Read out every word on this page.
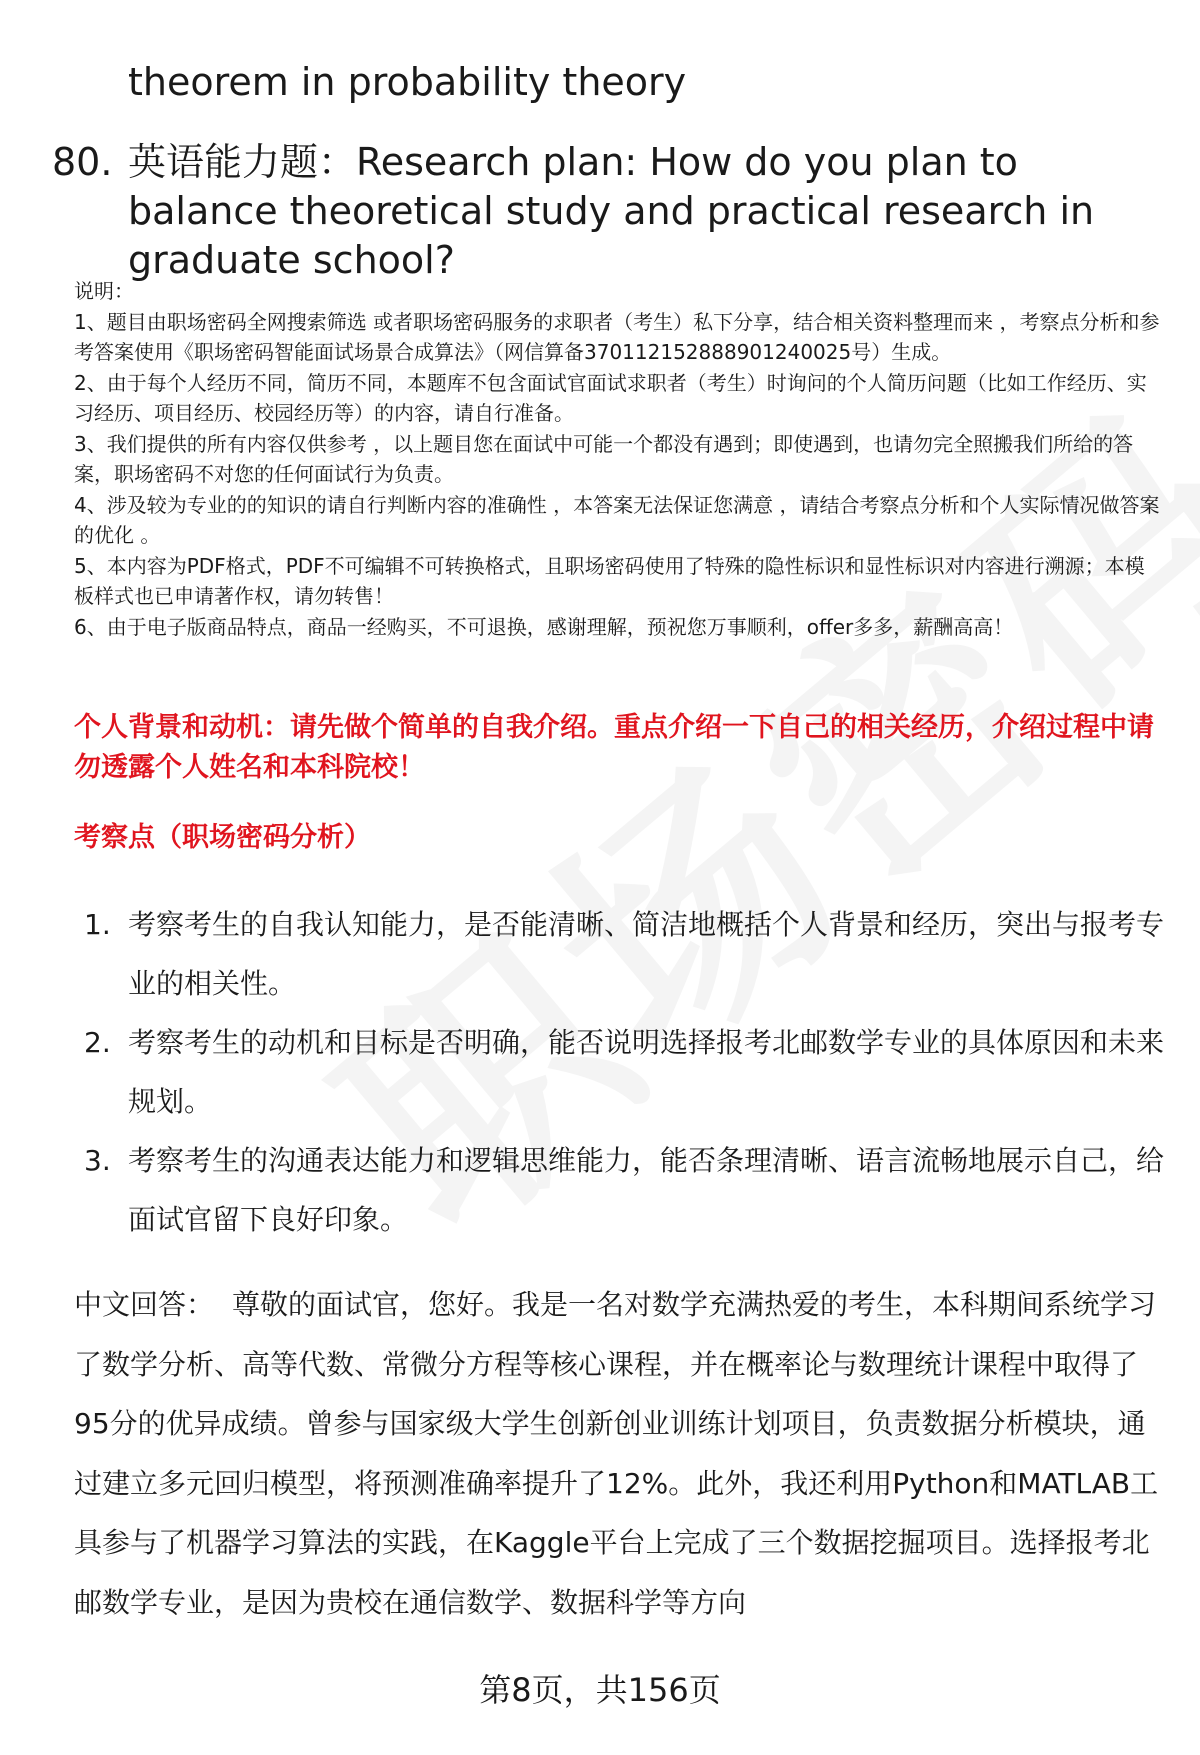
theorem in probability theory
80. 英语能力题：Research plan: How do you plan to balance theoretical study and practical research in graduate school?
说明：
1、题目由职场密码全网搜索筛选 或者职场密码服务的求职者（考生）私下分享，结合相关资料整理而来 ，考察点分析和参考答案使用《职场密码智能面试场景合成算法》（网信算备370112152888901240025号）生成。
2、由于每个人经历不同，简历不同，本题库不包含面试官面试求职者（考生）时询问的个人简历问题（比如工作经历、实习经历、项目经历、校园经历等）的内容，请自行准备。
3、我们提供的所有内容仅供参考 ，以上题目您在面试中可能一个都没有遇到；即使遇到，也请勿完全照搬我们所给的答案，职场密码不对您的任何面试行为负责。
4、涉及较为专业的的知识的请自行判断内容的准确性 ，本答案无法保证您满意 ，请结合考察点分析和个人实际情况做答案的优化 。
5、本内容为PDF格式，PDF不可编辑不可转换格式，且职场密码使用了特殊的隐性标识和显性标识对内容进行溯源；本模板样式也已申请著作权，请勿转售！
6、由于电子版商品特点，商品一经购买，不可退换，感谢理解，预祝您万事顺利，offer多多，薪酬高高！
个人背景和动机：请先做个简单的自我介绍。重点介绍一下自己的相关经历，介绍过程中请勿透露个人姓名和本科院校！
考察点（职场密码分析）
1. 考察考生的自我认知能力，是否能清晰、简洁地概括个人背景和经历，突出与报考专业的相关性。
2. 考察考生的动机和目标是否明确，能否说明选择报考北邮数学专业的具体原因和未来规划。
3. 考察考生的沟通表达能力和逻辑思维能力，能否条理清晰、语言流畅地展示自己，给面试官留下良好印象。
中文回答： 尊敬的面试官，您好。我是一名对数学充满热爱的考生，本科期间系统学习了数学分析、高等代数、常微分方程等核心课程，并在概率论与数理统计课程中取得了95分的优异成绩。曾参与国家级大学生创新创业训练计划项目，负责数据分析模块，通过建立多元回归模型，将预测准确率提升了12%。此外，我还利用Python和MATLAB工具参与了机器学习算法的实践，在Kaggle平台上完成了三个数据挖掘项目。选择报考北邮数学专业，是因为贵校在通信数学、数据科学等方向
第8页，共156页
